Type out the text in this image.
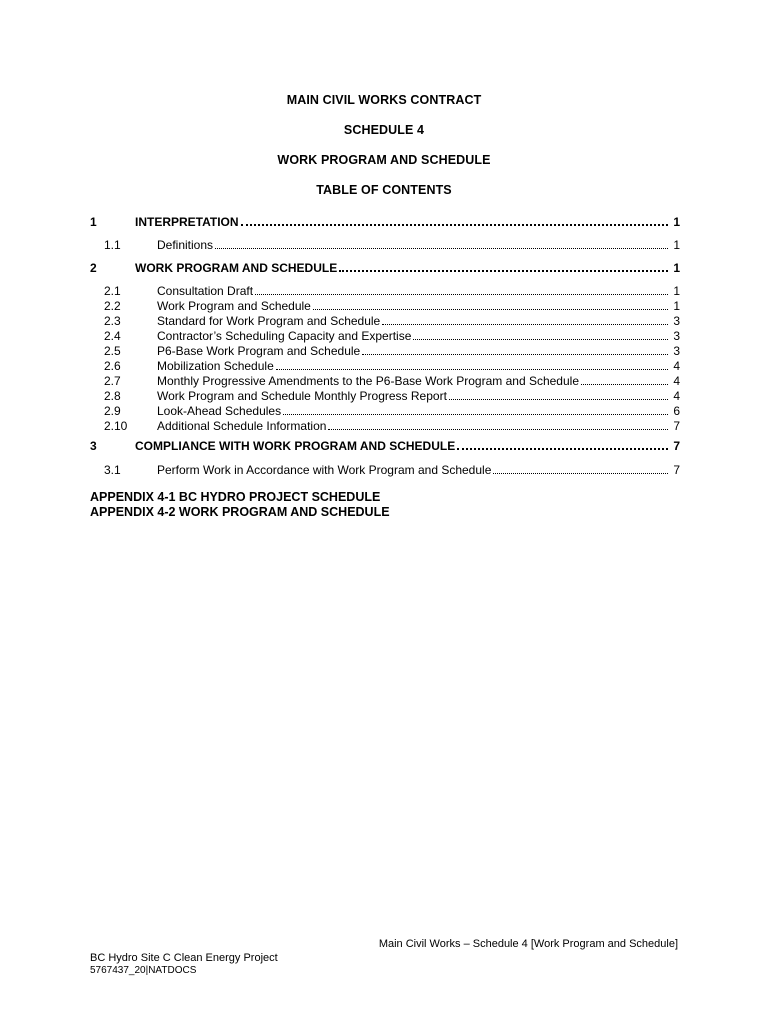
MAIN CIVIL WORKS CONTRACT
SCHEDULE 4
WORK PROGRAM AND SCHEDULE
TABLE OF CONTENTS
1	INTERPRETATION	1
1.1	Definitions	1
2	WORK PROGRAM AND SCHEDULE	1
2.1	Consultation Draft	1
2.2	Work Program and Schedule	1
2.3	Standard for Work Program and Schedule	3
2.4	Contractor’s Scheduling Capacity and Expertise	3
2.5	P6-Base Work Program and Schedule	3
2.6	Mobilization Schedule	4
2.7	Monthly Progressive Amendments to the P6-Base Work Program and Schedule	4
2.8	Work Program and Schedule Monthly Progress Report	4
2.9	Look-Ahead Schedules	6
2.10	Additional Schedule Information	7
3	COMPLIANCE WITH WORK PROGRAM AND SCHEDULE	7
3.1	Perform Work in Accordance with Work Program and Schedule	7
APPENDIX 4-1 BC HYDRO PROJECT SCHEDULE
APPENDIX 4-2 WORK PROGRAM AND SCHEDULE
Main Civil Works – Schedule 4 [Work Program and Schedule]
BC Hydro Site C Clean Energy Project
5767437_20|NATDOCS
